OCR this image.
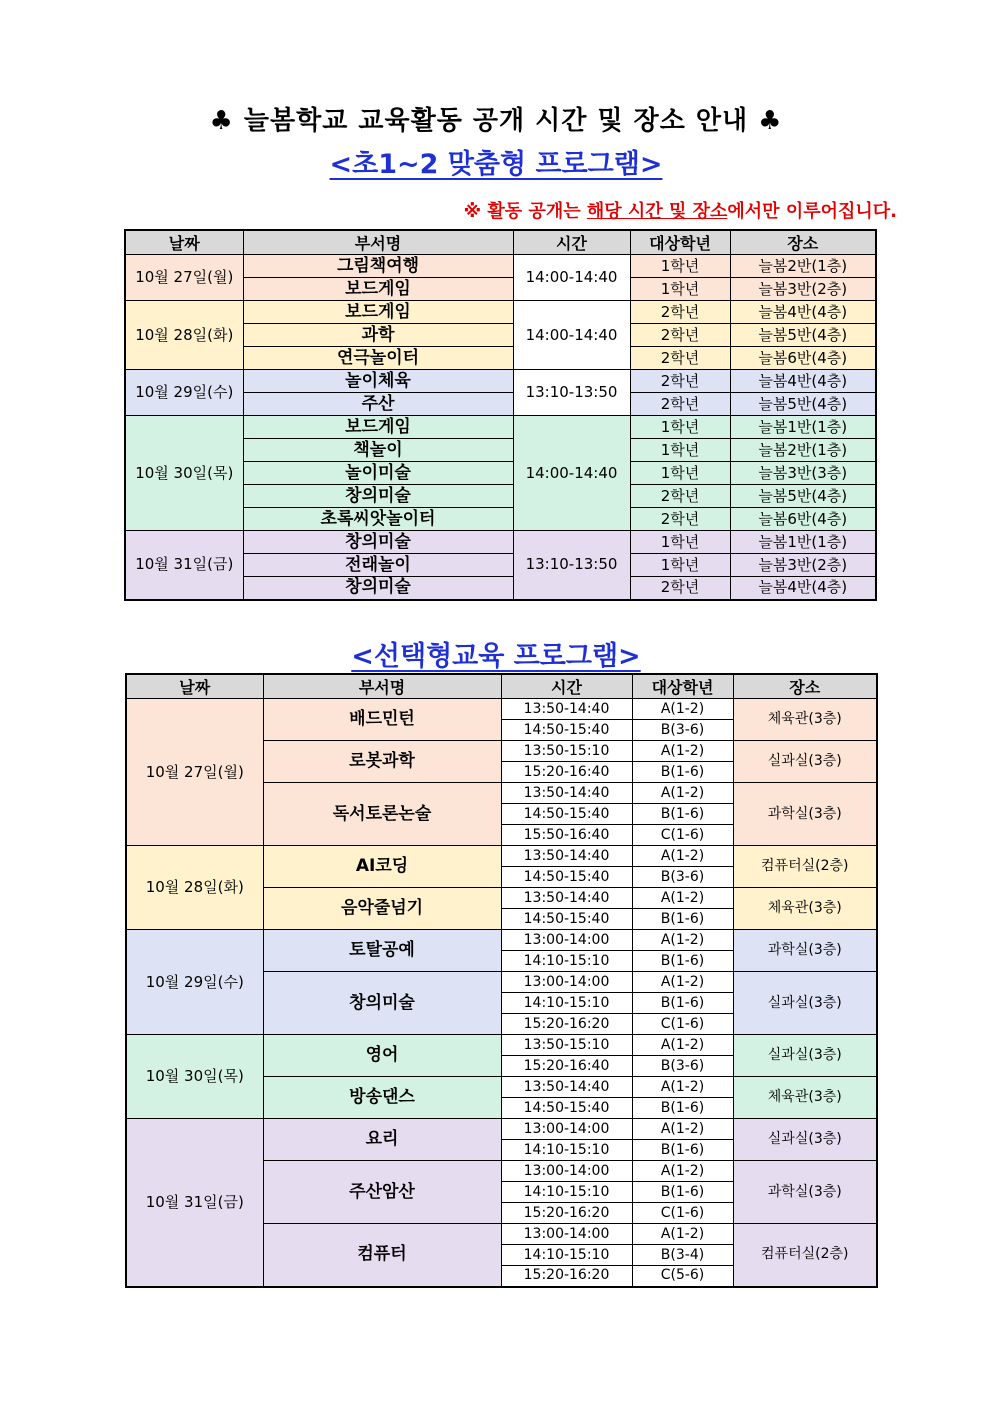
♣ 늘봄학교 교육활동 공개 시간 및 장소 안내 ♣
<초1~2 맞춤형 프로그램>
※ 활동 공개는 해당 시간 및 장소에서만 이루어집니다.
날짜	부서명	시간	대상학년	장소
10월 27일(월)	그림책여행	14:00-14:40	1학년	늘봄2반(1층)
	보드게임		1학년	늘봄3반(2층)
10월 28일(화)	보드게임	14:00-14:40	2학년	늘봄4반(4층)
	과학		2학년	늘봄5반(4층)
	연극놀이터		2학년	늘봄6반(4층)
10월 29일(수)	놀이체육	13:10-13:50	2학년	늘봄4반(4층)
	주산		2학년	늘봄5반(4층)
10월 30일(목)	보드게임	14:00-14:40	1학년	늘봄1반(1층)
	책놀이		1학년	늘봄2반(1층)
	놀이미술		1학년	늘봄3반(3층)
	창의미술		2학년	늘봄5반(4층)
	초록씨앗놀이터		2학년	늘봄6반(4층)
10월 31일(금)	창의미술	13:10-13:50	1학년	늘봄1반(1층)
	전래놀이		1학년	늘봄3반(2층)
	창의미술		2학년	늘봄4반(4층)
<선택형교육 프로그램>
날짜	부서명	시간	대상학년	장소
10월 27일(월)	배드민턴	13:50-14:40	A(1-2)	체육관(3층)
		14:50-15:40	B(3-6)	
	로봇과학	13:50-15:10	A(1-2)	실과실(3층)
		15:20-16:40	B(1-6)	
	독서토론논술	13:50-14:40	A(1-2)	과학실(3층)
		14:50-15:40	B(1-6)	
		15:50-16:40	C(1-6)	
10월 28일(화)	AI코딩	13:50-14:40	A(1-2)	컴퓨터실(2층)
		14:50-15:40	B(3-6)	
	음악줄넘기	13:50-14:40	A(1-2)	체육관(3층)
		14:50-15:40	B(1-6)	
10월 29일(수)	토탈공예	13:00-14:00	A(1-2)	과학실(3층)
		14:10-15:10	B(1-6)	
	창의미술	13:00-14:00	A(1-2)	실과실(3층)
		14:10-15:10	B(1-6)	
		15:20-16:20	C(1-6)	
10월 30일(목)	영어	13:50-15:10	A(1-2)	실과실(3층)
		15:20-16:40	B(3-6)	
	방송댄스	13:50-14:40	A(1-2)	체육관(3층)
		14:50-15:40	B(1-6)	
10월 31일(금)	요리	13:00-14:00	A(1-2)	실과실(3층)
		14:10-15:10	B(1-6)	
	주산암산	13:00-14:00	A(1-2)	과학실(3층)
		14:10-15:10	B(1-6)	
		15:20-16:20	C(1-6)	
	컴퓨터	13:00-14:00	A(1-2)	컴퓨터실(2층)
		14:10-15:10	B(3-4)	
		15:20-16:20	C(5-6)	
